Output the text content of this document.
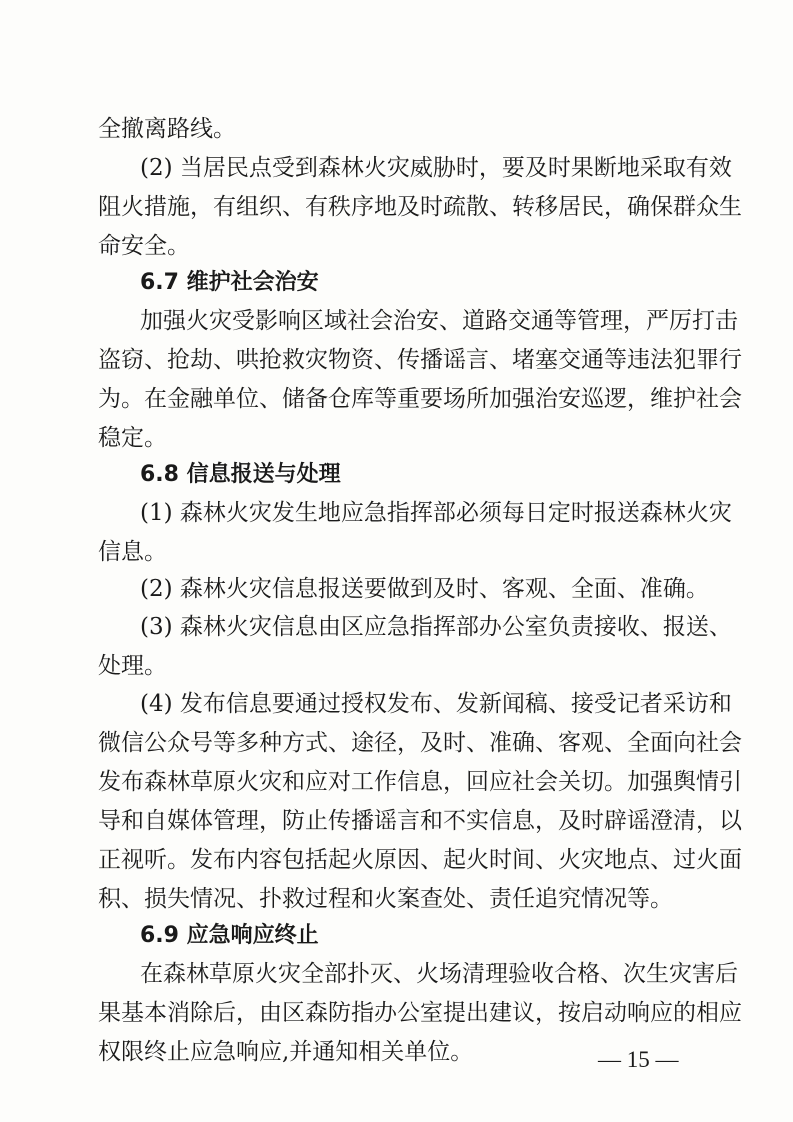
全撤离路线。
(2) 当居民点受到森林火灾威胁时，要及时果断地采取有效
阻火措施，有组织、有秩序地及时疏散、转移居民，确保群众生
命安全。
6.7 维护社会治安
加强火灾受影响区域社会治安、道路交通等管理，严厉打击
盗窃、抢劫、哄抢救灾物资、传播谣言、堵塞交通等违法犯罪行
为。在金融单位、储备仓库等重要场所加强治安巡逻，维护社会
稳定。
6.8 信息报送与处理
(1) 森林火灾发生地应急指挥部必须每日定时报送森林火灾
信息。
(2) 森林火灾信息报送要做到及时、客观、全面、准确。
(3) 森林火灾信息由区应急指挥部办公室负责接收、报送、
处理。
(4) 发布信息要通过授权发布、发新闻稿、接受记者采访和
微信公众号等多种方式、途径，及时、准确、客观、全面向社会
发布森林草原火灾和应对工作信息，回应社会关切。加强舆情引
导和自媒体管理，防止传播谣言和不实信息，及时辟谣澄清，以
正视听。发布内容包括起火原因、起火时间、火灾地点、过火面
积、损失情况、扑救过程和火案查处、责任追究情况等。
6.9 应急响应终止
在森林草原火灾全部扑灭、火场清理验收合格、次生灾害后
果基本消除后，由区森防指办公室提出建议，按启动响应的相应
权限终止应急响应,并通知相关单位。	— 15 —
